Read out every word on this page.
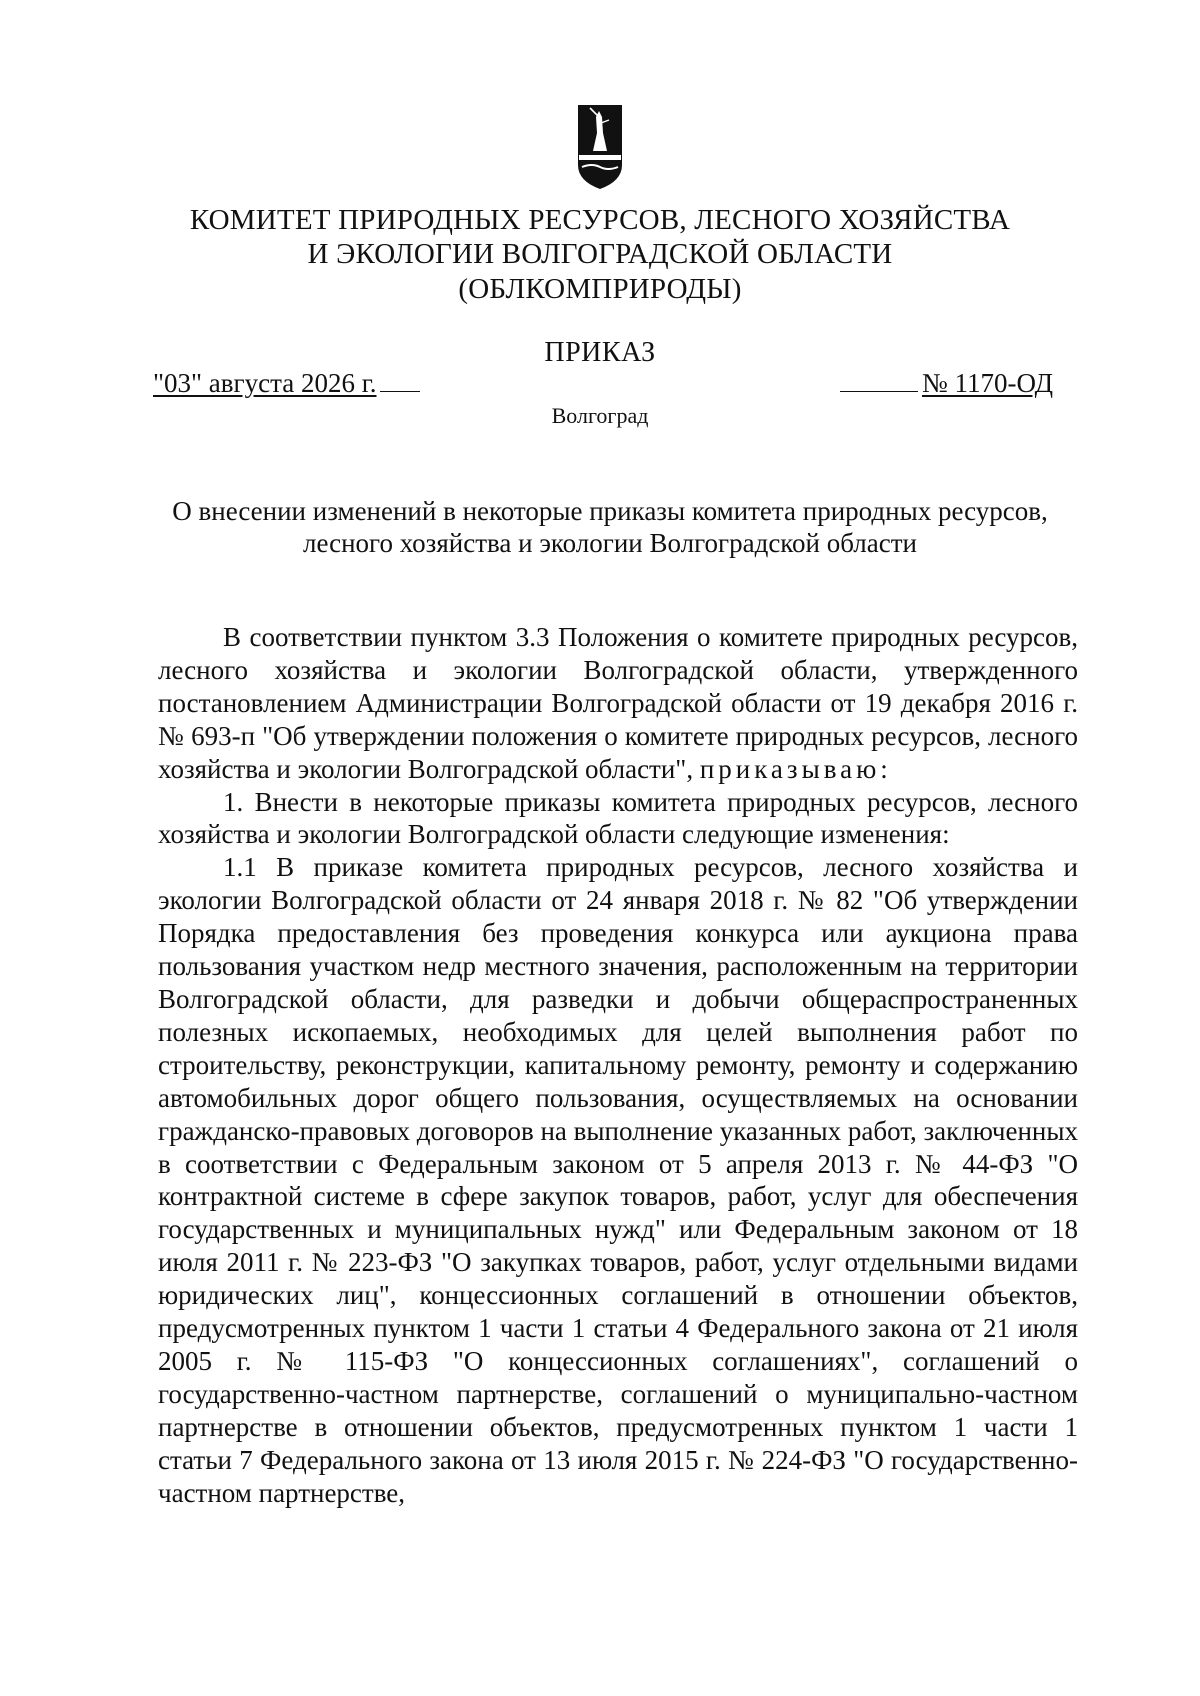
КОМИТЕТ ПРИРОДНЫХ РЕСУРСОВ, ЛЕСНОГО ХОЗЯЙСТВА
И ЭКОЛОГИИ ВОЛГОГРАДСКОЙ ОБЛАСТИ
(ОБЛКОМПРИРОДЫ)
ПРИКАЗ
"03" августа 2026 г.	№ 1170-ОД
Волгоград
О внесении изменений в некоторые приказы комитета природных ресурсов,
лесного хозяйства и экологии Волгоградской области

В соответствии пунктом 3.3 Положения о комитете природных ресурсов, лесного хозяйства и экологии Волгоградской области, утвержденного постановлением Администрации Волгоградской области от 19 декабря 2016 г. № 693-п "Об утверждении положения о комитете природных ресурсов, лесного хозяйства и экологии Волгоградской области", приказываю:

1. Внести в некоторые приказы комитета природных ресурсов, лесного хозяйства и экологии Волгоградской области следующие изменения:

1.1 В приказе комитета природных ресурсов, лесного хозяйства и экологии Волгоградской области от 24 января 2018 г. № 82 "Об утверждении Порядка предоставления без проведения конкурса или аукциона права пользования участком недр местного значения, расположенным на территории Волгоградской области, для разведки и добычи общераспространенных полезных ископаемых, необходимых для целей выполнения работ по строительству, реконструкции, капитальному ремонту, ремонту и содержанию автомобильных дорог общего пользования, осуществляемых на основании гражданско-правовых договоров на выполнение указанных работ, заключенных в соответствии с Федеральным законом от 5 апреля 2013 г. № 44-ФЗ "О контрактной системе в сфере закупок товаров, работ, услуг для обеспечения государственных и муниципальных нужд" или Федеральным законом от 18 июля 2011 г. № 223-ФЗ "О закупках товаров, работ, услуг отдельными видами юридических лиц", концессионных соглашений в отношении объектов, предусмотренных пунктом 1 части 1 статьи 4 Федерального закона от 21 июля 2005 г. № 115-ФЗ "О концессионных соглашениях", соглашений о государственно-частном партнерстве, соглашений о муниципально-частном партнерстве в отношении объектов, предусмотренных пунктом 1 части 1 статьи 7 Федерального закона от 13 июля 2015 г. № 224-ФЗ "О государственно-частном партнерстве,
